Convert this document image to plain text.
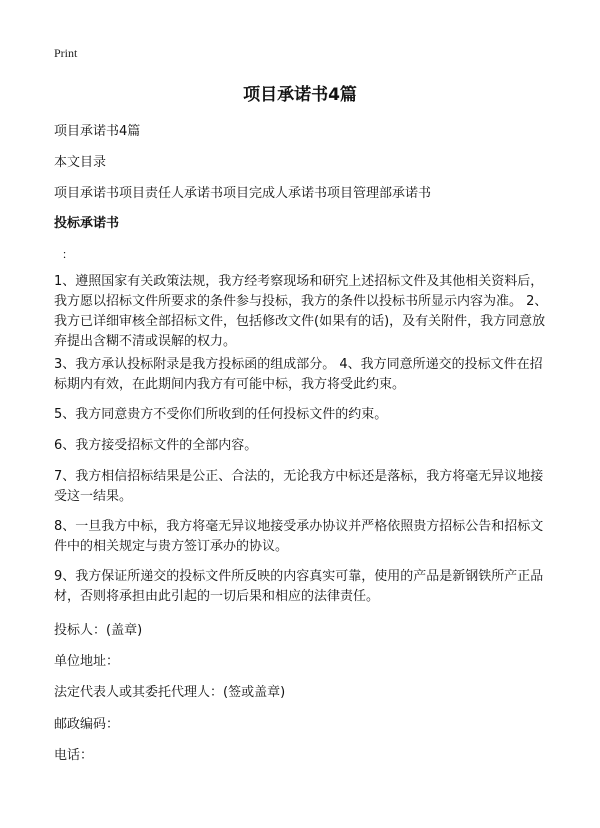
Print
项目承诺书4篇
项目承诺书4篇
本文目录
项目承诺书项目责任人承诺书项目完成人承诺书项目管理部承诺书
投标承诺书
：
1、遵照国家有关政策法规，我方经考察现场和研究上述招标文件及其他相关资料后，我方愿以招标文件所要求的条件参与投标，我方的条件以投标书所显示内容为准。 2、我方已详细审核全部招标文件，包括修改文件(如果有的话)，及有关附件，我方同意放弃提出含糊不清或误解的权力。
3、我方承认投标附录是我方投标函的组成部分。 4、我方同意所递交的投标文件在招标期内有效，在此期间内我方有可能中标，我方将受此约束。
5、我方同意贵方不受你们所收到的任何投标文件的约束。
6、我方接受招标文件的全部内容。
7、我方相信招标结果是公正、合法的，无论我方中标还是落标，我方将毫无异议地接受这一结果。
8、一旦我方中标，我方将毫无异议地接受承办协议并严格依照贵方招标公告和招标文件中的相关规定与贵方签订承办的协议。
9、我方保证所递交的投标文件所反映的内容真实可靠，使用的产品是新钢铁所产正品材，否则将承担由此引起的一切后果和相应的法律责任。
投标人：(盖章)
单位地址：
法定代表人或其委托代理人：(签或盖章)
邮政编码：
电话：
